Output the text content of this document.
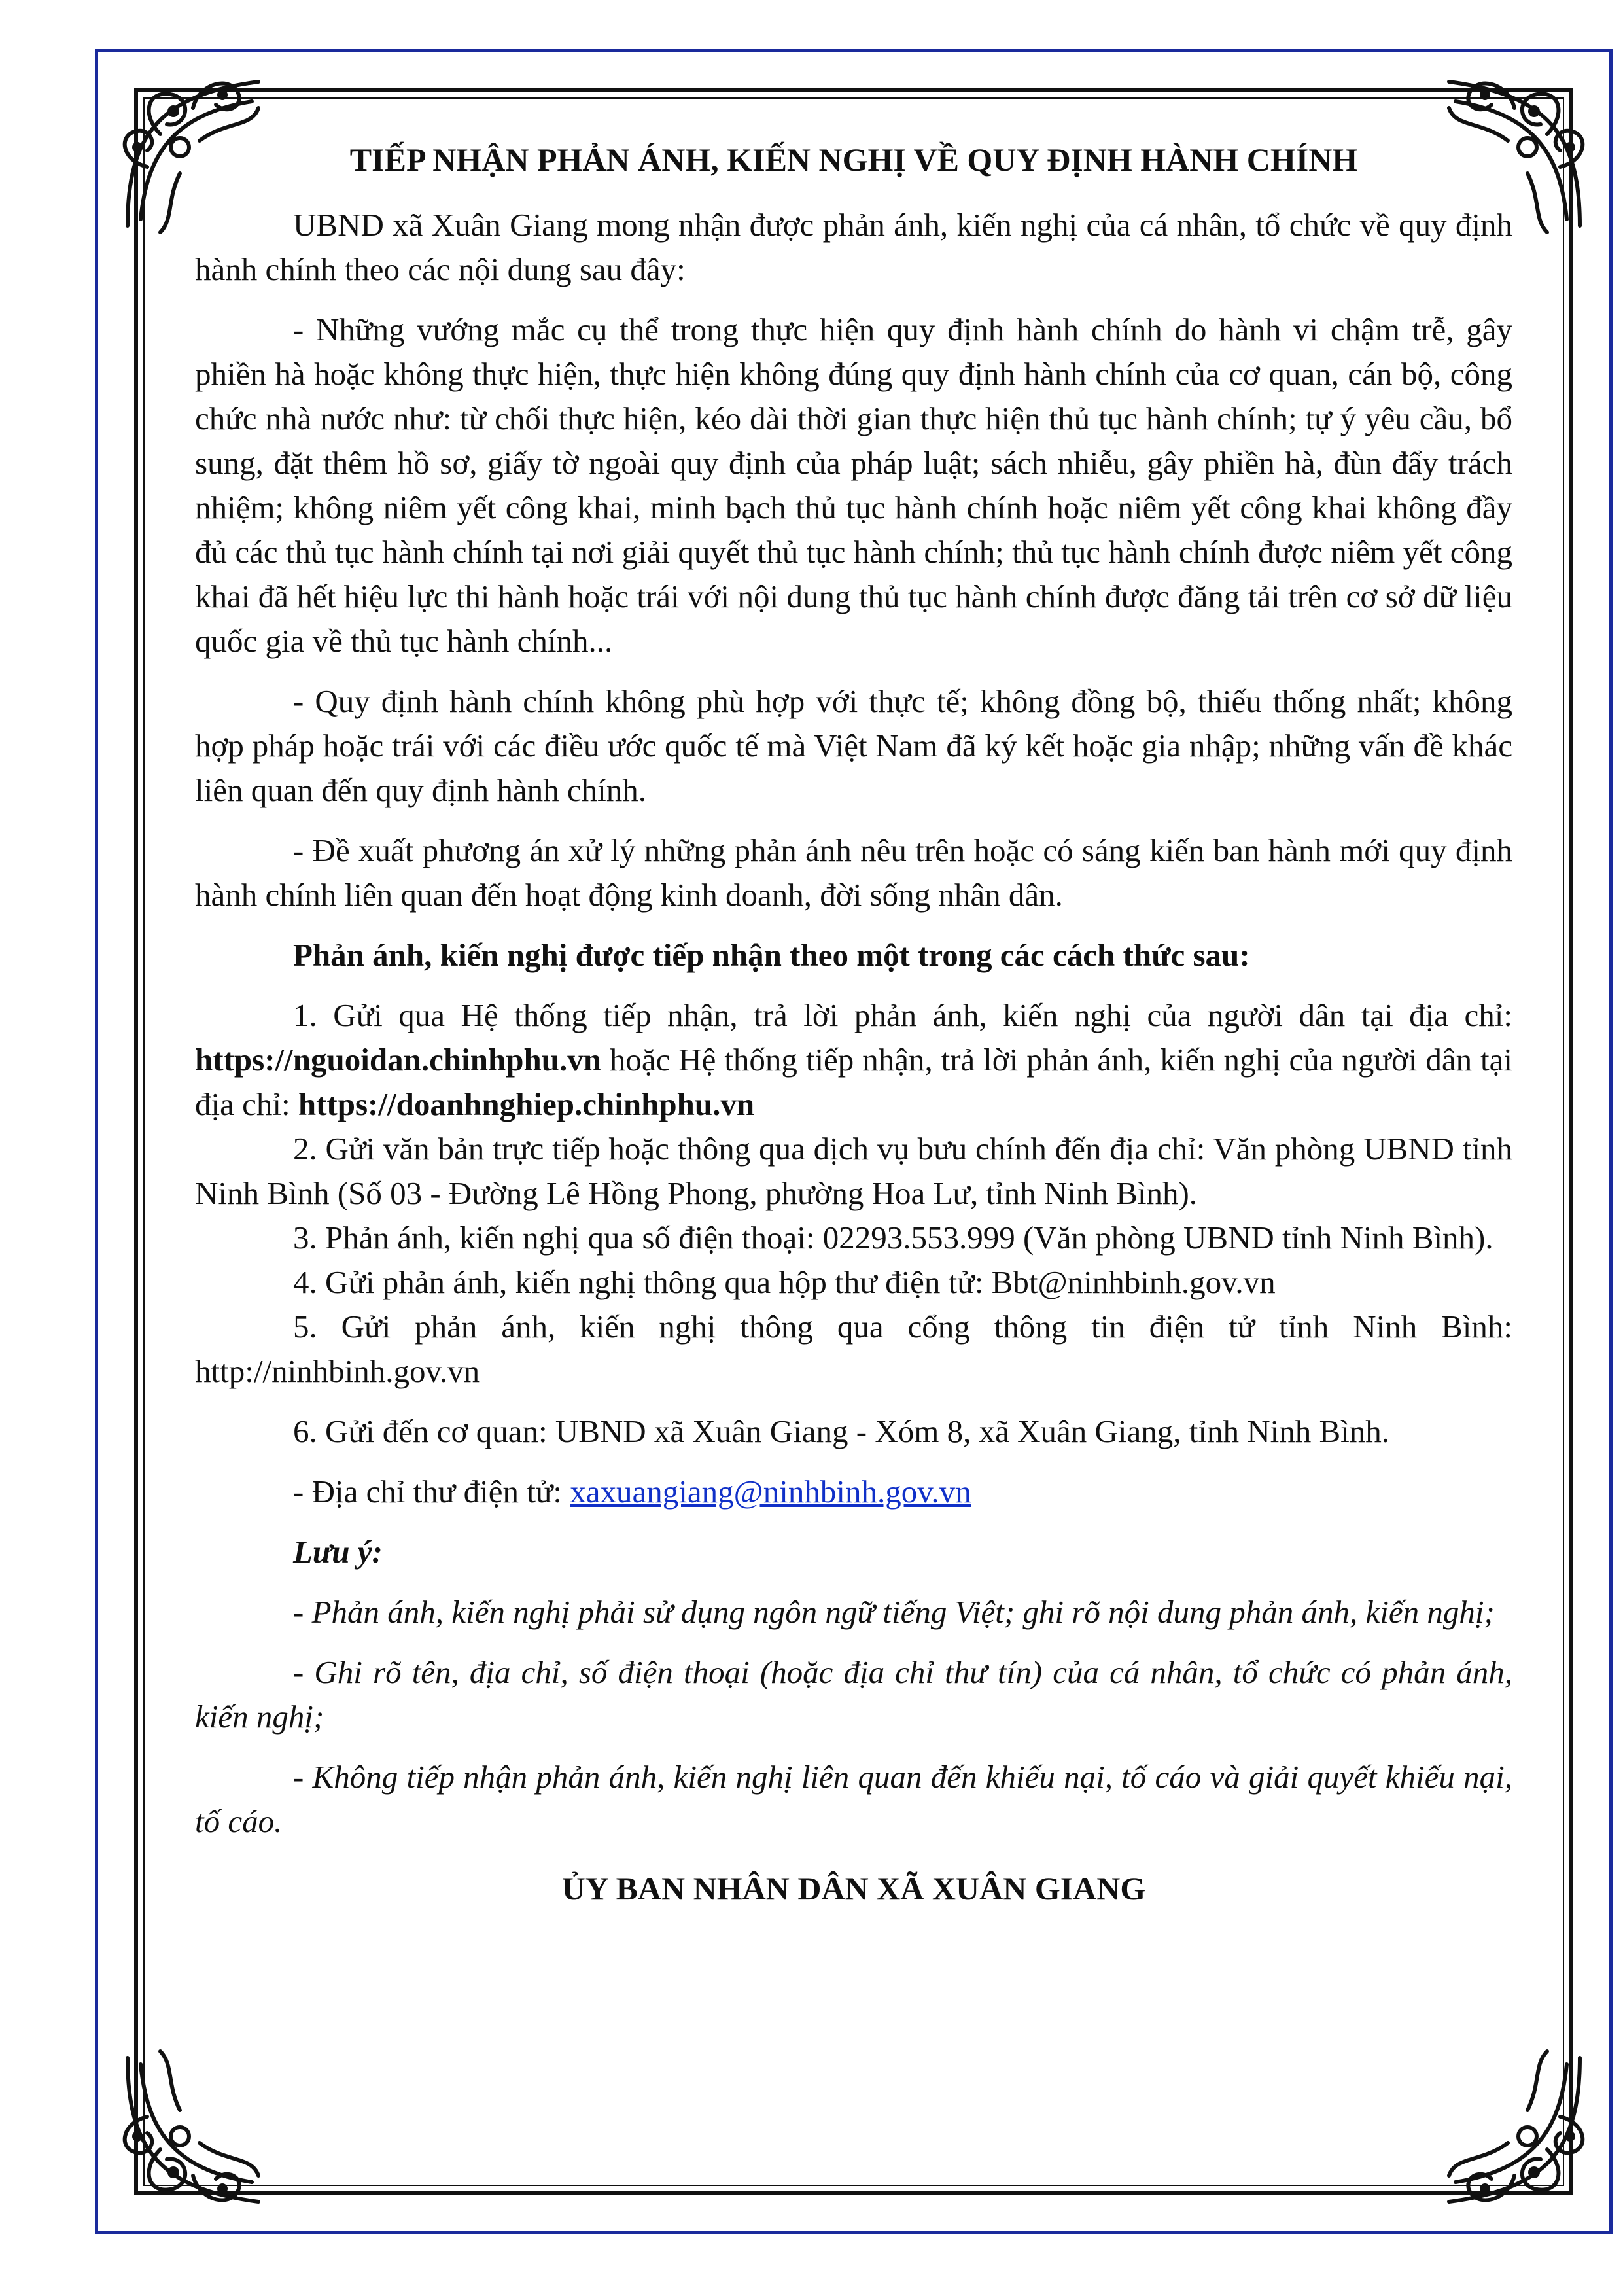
TIẾP NHẬN PHẢN ÁNH, KIẾN NGHỊ VỀ QUY ĐỊNH HÀNH CHÍNH

UBND xã Xuân Giang mong nhận được phản ánh, kiến nghị của cá nhân, tổ chức về quy định hành chính theo các nội dung sau đây:

- Những vướng mắc cụ thể trong thực hiện quy định hành chính do hành vi chậm trễ, gây phiền hà hoặc không thực hiện, thực hiện không đúng quy định hành chính của cơ quan, cán bộ, công chức nhà nước như: từ chối thực hiện, kéo dài thời gian thực hiện thủ tục hành chính; tự ý yêu cầu, bổ sung, đặt thêm hồ sơ, giấy tờ ngoài quy định của pháp luật; sách nhiễu, gây phiền hà, đùn đẩy trách nhiệm; không niêm yết công khai, minh bạch thủ tục hành chính hoặc niêm yết công khai không đầy đủ các thủ tục hành chính tại nơi giải quyết thủ tục hành chính; thủ tục hành chính được niêm yết công khai đã hết hiệu lực thi hành hoặc trái với nội dung thủ tục hành chính được đăng tải trên cơ sở dữ liệu quốc gia về thủ tục hành chính...

- Quy định hành chính không phù hợp với thực tế; không đồng bộ, thiếu thống nhất; không hợp pháp hoặc trái với các điều ước quốc tế mà Việt Nam đã ký kết hoặc gia nhập; những vấn đề khác liên quan đến quy định hành chính.

- Đề xuất phương án xử lý những phản ánh nêu trên hoặc có sáng kiến ban hành mới quy định hành chính liên quan đến hoạt động kinh doanh, đời sống nhân dân.

Phản ánh, kiến nghị được tiếp nhận theo một trong các cách thức sau:

1. Gửi qua Hệ thống tiếp nhận, trả lời phản ánh, kiến nghị của người dân tại địa chỉ: https://nguoidan.chinhphu.vn hoặc Hệ thống tiếp nhận, trả lời phản ánh, kiến nghị của người dân tại địa chỉ: https://doanhnghiep.chinhphu.vn

2. Gửi văn bản trực tiếp hoặc thông qua dịch vụ bưu chính đến địa chỉ: Văn phòng UBND tỉnh Ninh Bình (Số 03 - Đường Lê Hồng Phong, phường Hoa Lư, tỉnh Ninh Bình).

3. Phản ánh, kiến nghị qua số điện thoại: 02293.553.999 (Văn phòng UBND tỉnh Ninh Bình).

4. Gửi phản ánh, kiến nghị thông qua hộp thư điện tử: Bbt@ninhbinh.gov.vn

5. Gửi phản ánh, kiến nghị thông qua cổng thông tin điện tử tỉnh Ninh Bình: http://ninhbinh.gov.vn

6. Gửi đến cơ quan: UBND xã Xuân Giang - Xóm 8, xã Xuân Giang, tỉnh Ninh Bình.

- Địa chỉ thư điện tử: xaxuangiang@ninhbinh.gov.vn

Lưu ý:

- Phản ánh, kiến nghị phải sử dụng ngôn ngữ tiếng Việt; ghi rõ nội dung phản ánh, kiến nghị;

- Ghi rõ tên, địa chỉ, số điện thoại (hoặc địa chỉ thư tín) của cá nhân, tổ chức có phản ánh, kiến nghị;

- Không tiếp nhận phản ánh, kiến nghị liên quan đến khiếu nại, tố cáo và giải quyết khiếu nại, tố cáo.

ỦY BAN NHÂN DÂN XÃ XUÂN GIANG
